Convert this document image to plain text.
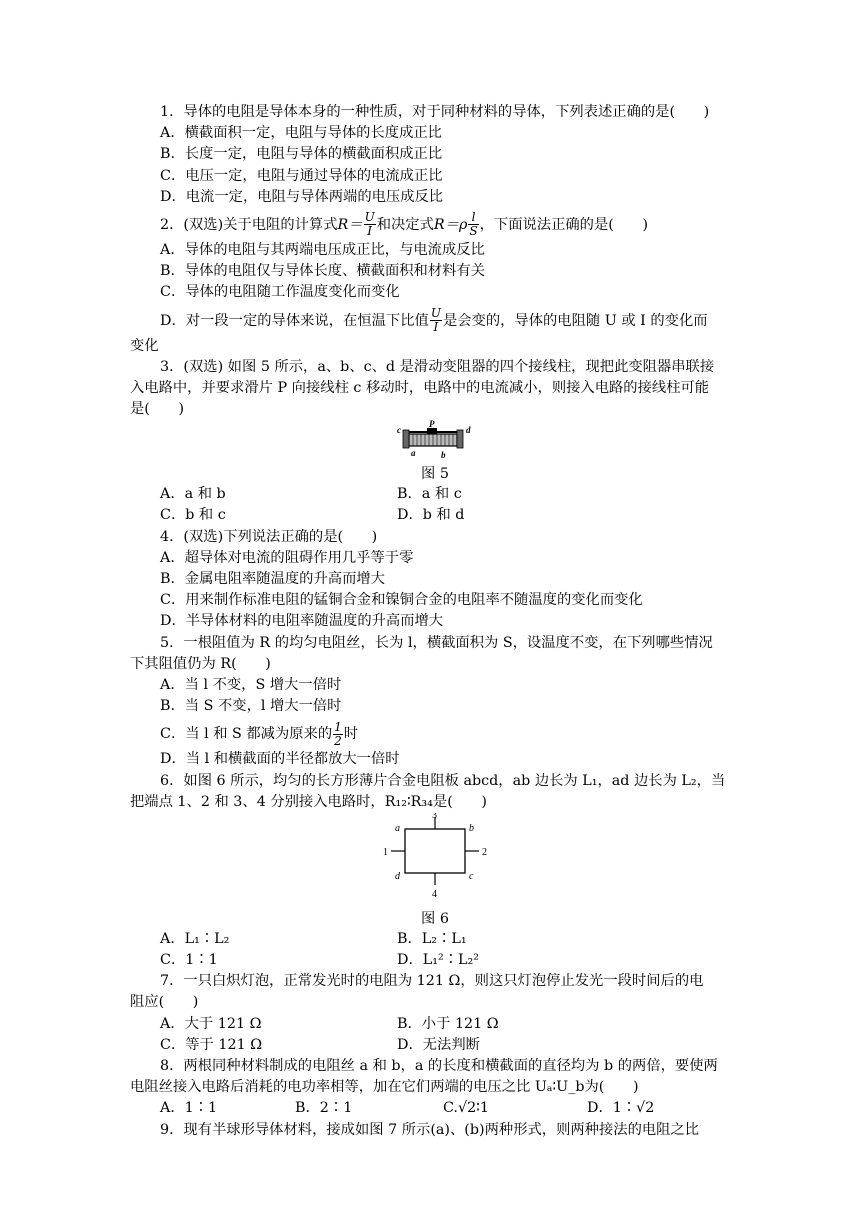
1．导体的电阻是导体本身的一种性质，对于同种材料的导体，下列表述正确的是(　　)
A．横截面积一定，电阻与导体的长度成正比
B．长度一定，电阻与导体的横截面积成正比
C．电压一定，电阻与通过导体的电流成正比
D．电流一定，电阻与导体两端的电压成反比
2．(双选)关于电阻的计算式$R= \frac{U}{I}$ 和决定式$R=\rho \frac{l}{S}$ ，下面说法正确的是(　　)
A．导体的电阻与其两端电压成正比，与电流成反比
B．导体的电阻仅与导体长度、横截面积和材料有关
C．导体的电阻随工作温度变化而变化
D．对一段一定的导体来说，在恒温下比值 $\frac{U}{I}$ 是会变的，导体的电阻随 U 或 I 的变化而
变化
3．(双选) 如图 5 所示，a、b、c、d 是滑动变阻器的四个接线柱，现把此变阻器串联接
入电路中，并要求滑片 P 向接线柱 c 移动时，电路中的电流减小，则接入电路的接线柱可能
是(　　)
c
P
d
a	b
图 5
A．a 和 b	B．a 和 c
C．b 和 c	D．b 和 d
4．(双选)下列说法正确的是(　　)
A．超导体对电流的阻碍作用几乎等于零
B．金属电阻率随温度的升高而增大
C．用来制作标准电阻的锰铜合金和镍铜合金的电阻率不随温度的变化而变化
D．半导体材料的电阻率随温度的升高而增大
5．一根阻值为 R 的均匀电阻丝，长为 l，横截面积为 S，设温度不变，在下列哪些情况
下其阻值仍为 R(　　)
A．当 l 不变，S 增大一倍时
B．当 S 不变，l 增大一倍时
C．当 l 和 S 都减为原来的 $\frac{1}{2}$ 时
D．当 l 和横截面的半径都放大一倍时
6．如图 6 所示，均匀的长方形薄片合金电阻板 abcd，ab 边长为 L₁，ad 边长为 L₂，当
把端点 1、2 和 3、4 分别接入电路时，R₁₂∶R₃₄是(　　)
3
a	b
1	2
d	c
4
图 6
A．L₁∶L₂	B．L₂∶L₁
C．1∶1	D．L₁²∶L₂²
7．一只白炽灯泡，正常发光时的电阻为 121 Ω，则这只灯泡停止发光一段时间后的电
阻应(　　)
A．大于 121 Ω	B．小于 121 Ω
C．等于 121 Ω	D．无法判断
8．两根同种材料制成的电阻丝 a 和 b，a 的长度和横截面的直径均为 b 的两倍，要使两
电阻丝接入电路后消耗的电功率相等，加在它们两端的电压之比 Uₐ∶U_b为(　　)
A．1∶1	B．2∶1	C.√2∶1	D．1∶√2
9．现有半球形导体材料，接成如图 7 所示(a)、(b)两种形式，则两种接法的电阻之比
